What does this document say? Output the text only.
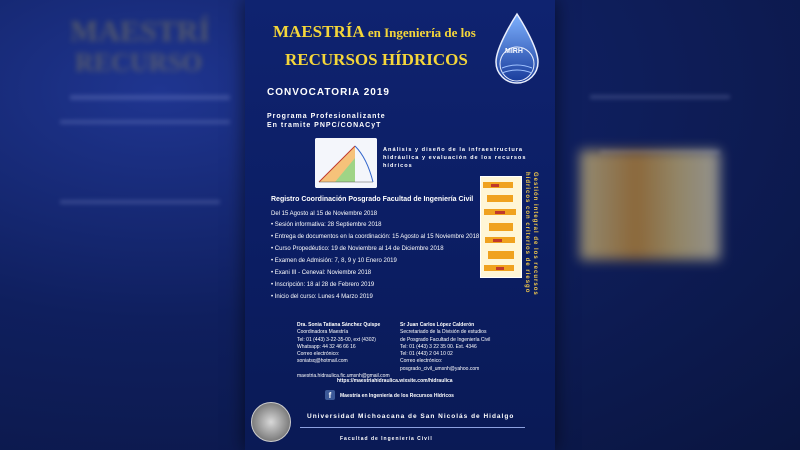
MAESTRÍ
RECURSO
MAESTRÍA en Ingeniería de los
RECURSOS HÍDRICOS	MIRH
CONVOCATORIA 2019
Programa Profesionalizante
En tramite PNPC/CONACyT
Análisis y diseño de la infraestructura
hidráulica y evaluación de los recursos
hídricos
Gestión integral de los recursos
hídricos con criterios de riesgo
Registro Coordinación Posgrado Facultad de Ingeniería Civil
Del 15 Agosto al 15 de Noviembre 2018
• Sesión informativa: 28 Septiembre 2018
• Entrega de documentos en la coordinación: 15 Agosto al 15 Noviembre 2018
• Curso Propedéutico: 19 de Noviembre al 14 de Diciembre 2018
• Examen de Admisión: 7, 8, 9 y 10 Enero 2019
• Exani III - Ceneval: Noviembre 2018
• Inscripción: 18 al 28 de Febrero 2019
• Inicio del curso: Lunes 4 Marzo 2019
Dra. Sonia Tatiana Sánchez Quispe
Coordinadora Maestría
Tel: 01 (443) 3-22-35-00, ext (4302)
Whatsapp: 44 32 46 66 16
Correo electrónico:
soniatsq@hotmail.com
maestria.hidraulica.fic.umsnh@gmail.com
Sr Juan Carlos López Calderón
Secretariado de la División de estudios
de Posgrado Facultad de Ingeniería Civil
Tel: 01 (443) 3 22 35 00. Ext. 4346
Tel: 01 (443) 2 04 10 02
Correo electrónico:
posgrado_civil_umsnh@yahoo.com
https://maestriahidraulica.wixsite.com/hidraulica
f	Maestría en Ingeniería de los Recursos Hídricos
Universidad Michoacana de San Nicolás de Hidalgo
Facultad de Ingeniería Civil
